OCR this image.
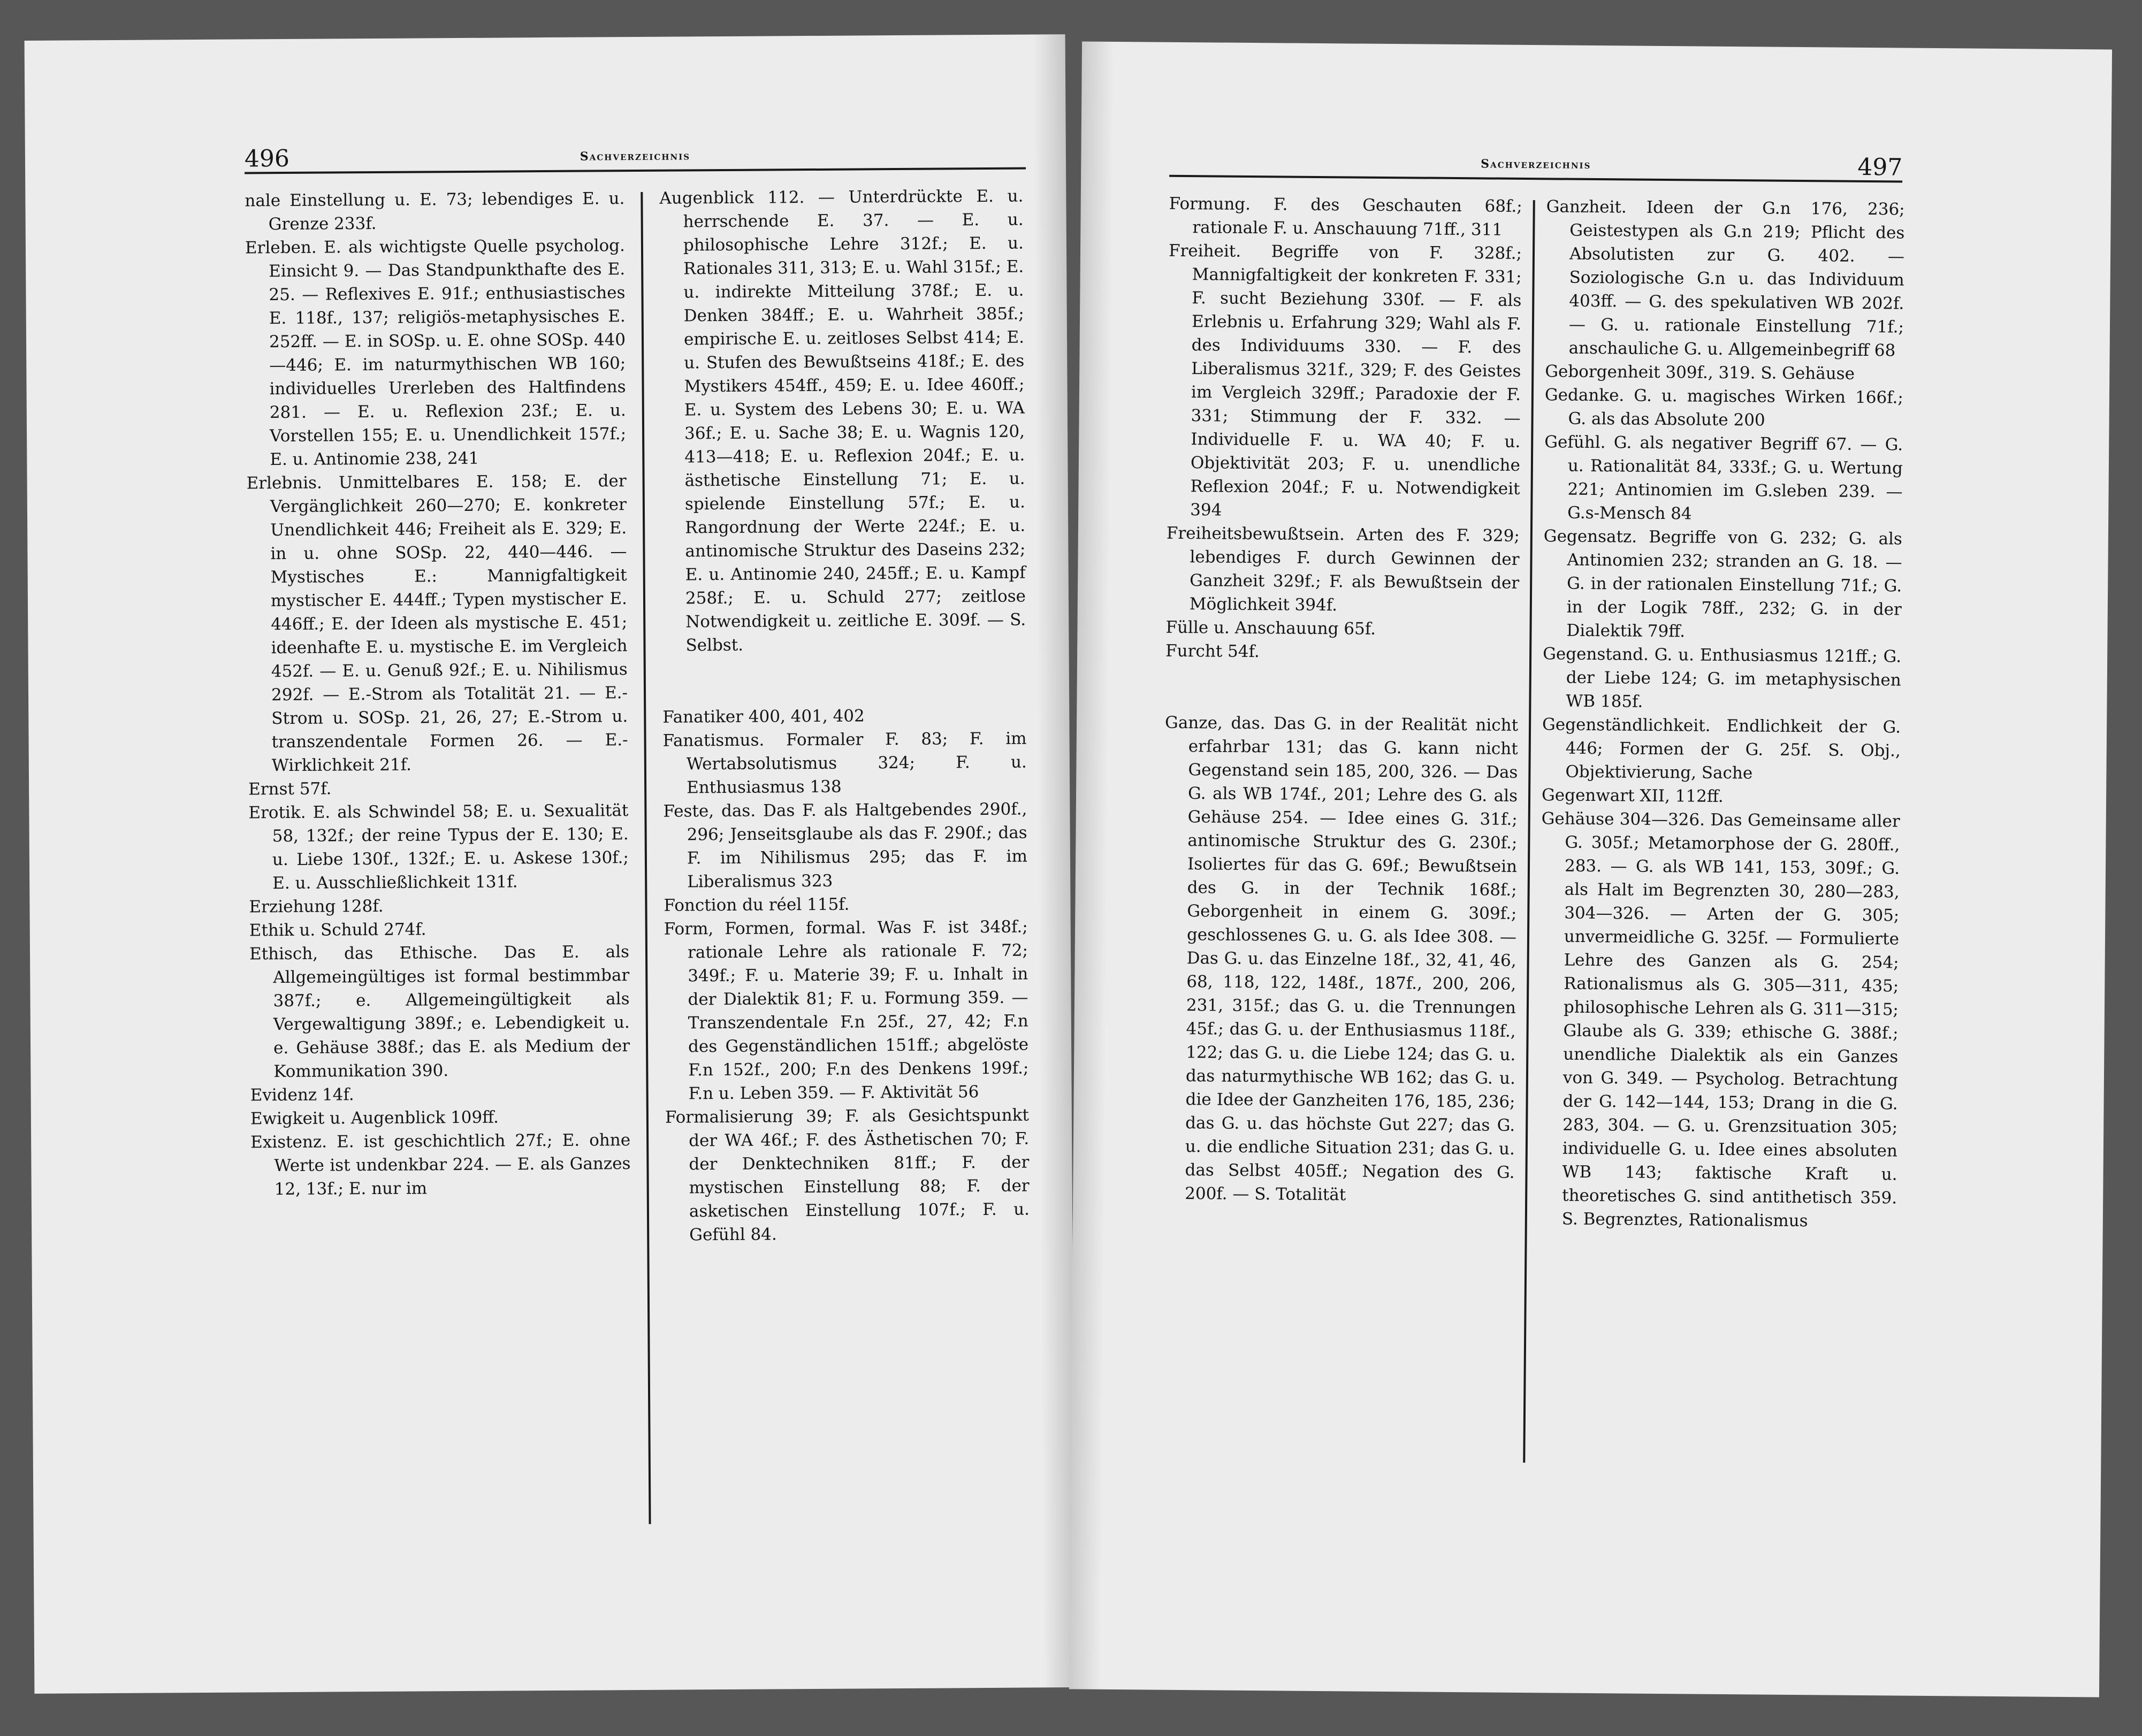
496	Sachverzeichnis

nale Einstellung u. E. 73; lebendiges E. u. Grenze 233f.

Erleben. E. als wichtigste Quelle psycholog. Einsicht 9. — Das Standpunkthafte des E. 25. — Reflexives E. 91f.; enthusiastisches E. 118f., 137; religiös-metaphysisches E. 252ff. — E. in SOSp. u. E. ohne SOSp. 440—446; E. im naturmythischen WB 160; individuelles Urerleben des Haltfindens 281. — E. u. Reflexion 23f.; E. u. Vorstellen 155; E. u. Unendlichkeit 157f.; E. u. Antinomie 238, 241

Erlebnis. Unmittelbares E. 158; E. der Vergänglichkeit 260—270; E. konkreter Unendlichkeit 446; Freiheit als E. 329; E. in u. ohne SOSp. 22, 440—446. — Mystisches E.: Mannigfaltigkeit mystischer E. 444ff.; Typen mystischer E. 446ff.; E. der Ideen als mystische E. 451; ideenhafte E. u. mystische E. im Vergleich 452f. — E. u. Genuß 92f.; E. u. Nihilismus 292f. — E.-Strom als Totalität 21. — E.-Strom u. SOSp. 21, 26, 27; E.-Strom u. transzendentale Formen 26. — E.-Wirklichkeit 21f.

Ernst 57f.

Erotik. E. als Schwindel 58; E. u. Sexualität 58, 132f.; der reine Typus der E. 130; E. u. Liebe 130f., 132f.; E. u. Askese 130f.; E. u. Ausschließlichkeit 131f.

Erziehung 128f.

Ethik u. Schuld 274f.

Ethisch, das Ethische. Das E. als Allgemeingültiges ist formal bestimmbar 387f.; e. Allgemeingültigkeit als Vergewaltigung 389f.; e. Lebendigkeit u. e. Gehäuse 388f.; das E. als Medium der Kommunikation 390.

Evidenz 14f.

Ewigkeit u. Augenblick 109ff.

Existenz. E. ist geschichtlich 27f.; E. ohne Werte ist undenkbar 224. — E. als Ganzes 12, 13f.; E. nur im

Augenblick 112. — Unterdrückte E. u. herrschende E. 37. — E. u. philosophische Lehre 312f.; E. u. Rationales 311, 313; E. u. Wahl 315f.; E. u. indirekte Mitteilung 378f.; E. u. Denken 384ff.; E. u. Wahrheit 385f.; empirische E. u. zeitloses Selbst 414; E. u. Stufen des Bewußtseins 418f.; E. des Mystikers 454ff., 459; E. u. Idee 460ff.; E. u. System des Lebens 30; E. u. WA 36f.; E. u. Sache 38; E. u. Wagnis 120, 413—418; E. u. Reflexion 204f.; E. u. ästhetische Einstellung 71; E. u. spielende Einstellung 57f.; E. u. Rangordnung der Werte 224f.; E. u. antinomische Struktur des Daseins 232; E. u. Antinomie 240, 245ff.; E. u. Kampf 258f.; E. u. Schuld 277; zeitlose Notwendigkeit u. zeitliche E. 309f. — S. Selbst.

Fanatiker 400, 401, 402

Fanatismus. Formaler F. 83; F. im Wertabsolutismus 324; F. u. Enthusiasmus 138

Feste, das. Das F. als Haltgebendes 290f., 296; Jenseitsglaube als das F. 290f.; das F. im Nihilismus 295; das F. im Liberalismus 323

Fonction du réel 115f.

Form, Formen, formal. Was F. ist 348f.; rationale Lehre als rationale F. 72; 349f.; F. u. Materie 39; F. u. Inhalt in der Dialektik 81; F. u. Formung 359. — Transzendentale F.n 25f., 27, 42; F.n des Gegenständlichen 151ff.; abgelöste F.n 152f., 200; F.n des Denkens 199f.; F.n u. Leben 359. — F. Aktivität 56

Formalisierung 39; F. als Gesichtspunkt der WA 46f.; F. des Ästhetischen 70; F. der Denktechniken 81ff.; F. der mystischen Einstellung 88; F. der asketischen Einstellung 107f.; F. u. Gefühl 84.

Sachverzeichnis	497

Formung. F. des Geschauten 68f.; rationale F. u. Anschauung 71ff., 311

Freiheit. Begriffe von F. 328f.; Mannigfaltigkeit der konkreten F. 331; F. sucht Beziehung 330f. — F. als Erlebnis u. Erfahrung 329; Wahl als F. des Individuums 330. — F. des Liberalismus 321f., 329; F. des Geistes im Vergleich 329ff.; Paradoxie der F. 331; Stimmung der F. 332. — Individuelle F. u. WA 40; F. u. Objektivität 203; F. u. unendliche Reflexion 204f.; F. u. Notwendigkeit 394

Freiheitsbewußtsein. Arten des F. 329; lebendiges F. durch Gewinnen der Ganzheit 329f.; F. als Bewußtsein der Möglichkeit 394f.

Fülle u. Anschauung 65f.

Furcht 54f.

Ganze, das. Das G. in der Realität nicht erfahrbar 131; das G. kann nicht Gegenstand sein 185, 200, 326. — Das G. als WB 174f., 201; Lehre des G. als Gehäuse 254. — Idee eines G. 31f.; antinomische Struktur des G. 230f.; Isoliertes für das G. 69f.; Bewußtsein des G. in der Technik 168f.; Geborgenheit in einem G. 309f.; geschlossenes G. u. G. als Idee 308. — Das G. u. das Einzelne 18f., 32, 41, 46, 68, 118, 122, 148f., 187f., 200, 206, 231, 315f.; das G. u. die Trennungen 45f.; das G. u. der Enthusiasmus 118f., 122; das G. u. die Liebe 124; das G. u. das naturmythische WB 162; das G. u. die Idee der Ganzheiten 176, 185, 236; das G. u. das höchste Gut 227; das G. u. die endliche Situation 231; das G. u. das Selbst 405ff.; Negation des G. 200f. — S. Totalität

Ganzheit. Ideen der G.n 176, 236; Geistestypen als G.n 219; Pflicht des Absolutisten zur G. 402. — Soziologische G.n u. das Individuum 403ff. — G. des spekulativen WB 202f. — G. u. rationale Einstellung 71f.; anschauliche G. u. Allgemeinbegriff 68

Geborgenheit 309f., 319. S. Gehäuse

Gedanke. G. u. magisches Wirken 166f.; G. als das Absolute 200

Gefühl. G. als negativer Begriff 67. — G. u. Rationalität 84, 333f.; G. u. Wertung 221; Antinomien im G.sleben 239. — G.s-Mensch 84

Gegensatz. Begriffe von G. 232; G. als Antinomien 232; stranden an G. 18. — G. in der rationalen Einstellung 71f.; G. in der Logik 78ff., 232; G. in der Dialektik 79ff.

Gegenstand. G. u. Enthusiasmus 121ff.; G. der Liebe 124; G. im metaphysischen WB 185f.

Gegenständlichkeit. Endlichkeit der G. 446; Formen der G. 25f. S. Obj., Objektivierung, Sache

Gegenwart XII, 112ff.

Gehäuse 304—326. Das Gemeinsame aller G. 305f.; Metamorphose der G. 280ff., 283. — G. als WB 141, 153, 309f.; G. als Halt im Begrenzten 30, 280—283, 304—326. — Arten der G. 305; unvermeidliche G. 325f. — Formulierte Lehre des Ganzen als G. 254; Rationalismus als G. 305—311, 435; philosophische Lehren als G. 311—315; Glaube als G. 339; ethische G. 388f.; unendliche Dialektik als ein Ganzes von G. 349. — Psycholog. Betrachtung der G. 142—144, 153; Drang in die G. 283, 304. — G. u. Grenzsituation 305; individuelle G. u. Idee eines absoluten WB 143; faktische Kraft u. theoretisches G. sind antithetisch 359. S. Begrenztes, Rationalismus
